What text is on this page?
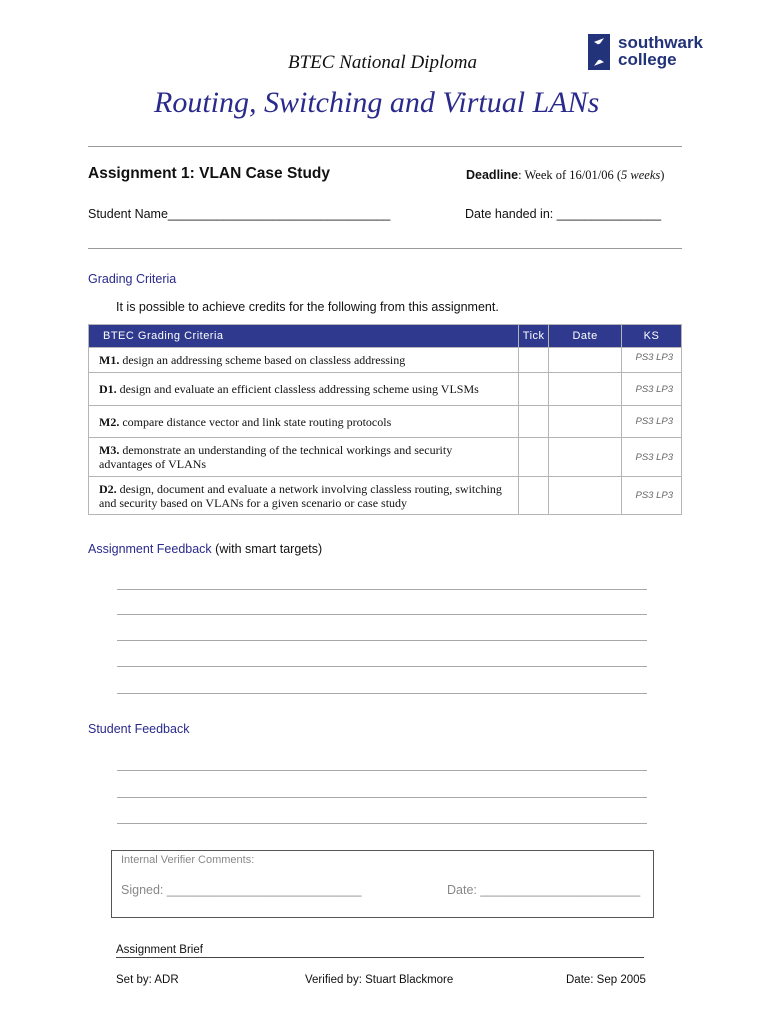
BTEC National Diploma
Routing, Switching and Virtual LANs
southwark
college
Assignment 1: VLAN Case Study	Deadline: Week of 16/01/06 (5 weeks)
Student Name________________________________	Date handed in: _______________
Grading Criteria
It is possible to achieve credits for the following from this assignment.
BTEC Grading Criteria	Tick	Date	KS
M1. design an addressing scheme based on classless addressing			PS3 LP3
D1. design and evaluate an efficient classless addressing scheme using VLSMs			PS3 LP3
M2. compare distance vector and link state routing protocols			PS3 LP3
M3. demonstrate an understanding of the technical workings and security advantages of VLANs			PS3 LP3
D2. design, document and evaluate a network involving classless routing, switching and security based on VLANs for a given scenario or case study			PS3 LP3
Assignment Feedback (with smart targets)
Student Feedback
Internal Verifier Comments:
Signed: ____________________________	Date: _______________________
Assignment Brief
Set by: ADR	Verified by: Stuart Blackmore	Date: Sep 2005
